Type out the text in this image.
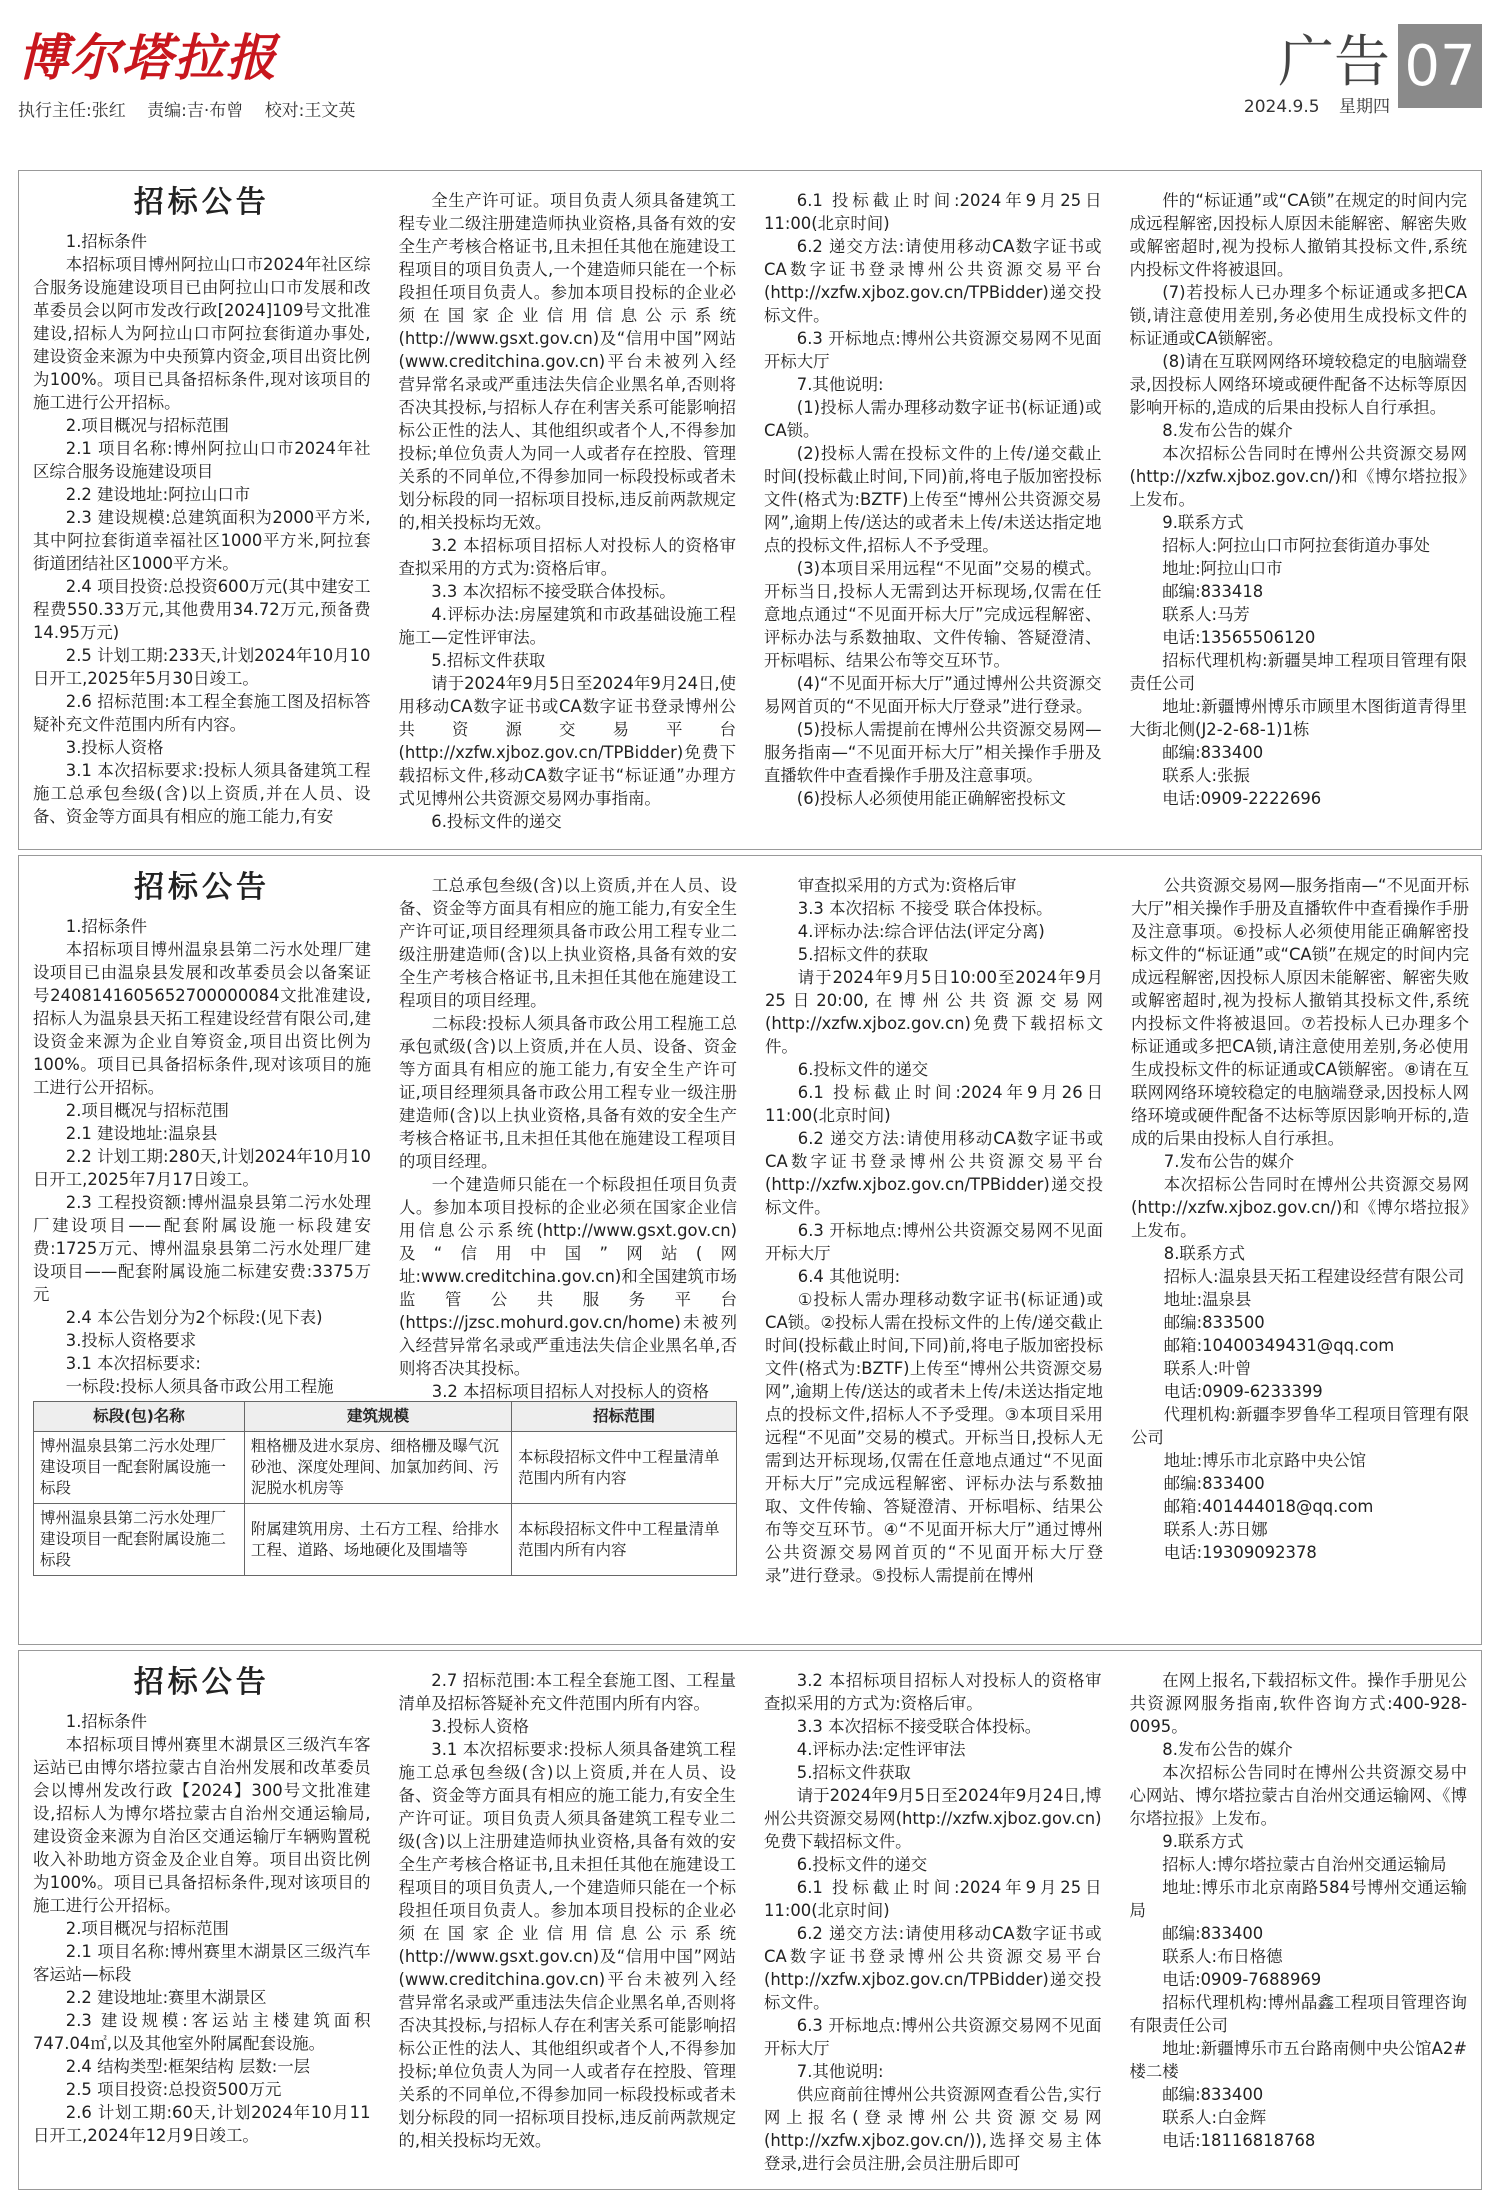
博尔塔拉报
执行主任:张红 责编:吉·布曾 校对:王文英
广告 07
2024.9.5 星期四
招标公告

1.招标条件

本招标项目博州阿拉山口市2024年社区综合服务设施建设项目已由阿拉山口市发展和改革委员会以阿市发改行政[2024]109号文批准建设,招标人为阿拉山口市阿拉套街道办事处,建设资金来源为中央预算内资金,项目出资比例为100%。项目已具备招标条件,现对该项目的施工进行公开招标。

2.项目概况与招标范围

2.1 项目名称:博州阿拉山口市2024年社区综合服务设施建设项目

2.2 建设地址:阿拉山口市

2.3 建设规模:总建筑面积为2000平方米,其中阿拉套街道幸福社区1000平方米,阿拉套街道团结社区1000平方米。

2.4 项目投资:总投资600万元(其中建安工程费550.33万元,其他费用34.72万元,预备费14.95万元)

2.5 计划工期:233天,计划2024年10月10日开工,2025年5月30日竣工。

2.6 招标范围:本工程全套施工图及招标答疑补充文件范围内所有内容。

3.投标人资格

3.1 本次招标要求:投标人须具备建筑工程施工总承包叁级(含)以上资质,并在人员、设备、资金等方面具有相应的施工能力,有安

全生产许可证。项目负责人须具备建筑工程专业二级注册建造师执业资格,具备有效的安全生产考核合格证书,且未担任其他在施建设工程项目的项目负责人,一个建造师只能在一个标段担任项目负责人。参加本项目投标的企业必须在国家企业信用信息公示系统(http://www.gsxt.gov.cn)及“信用中国”网站(www.creditchina.gov.cn)平台未被列入经营异常名录或严重违法失信企业黑名单,否则将否决其投标,与招标人存在利害关系可能影响招标公正性的法人、其他组织或者个人,不得参加投标;单位负责人为同一人或者存在控股、管理关系的不同单位,不得参加同一标段投标或者未划分标段的同一招标项目投标,违反前两款规定的,相关投标均无效。

3.2 本招标项目招标人对投标人的资格审查拟采用的方式为:资格后审。

3.3 本次招标不接受联合体投标。

4.评标办法:房屋建筑和市政基础设施工程施工—定性评审法。

5.招标文件获取

请于2024年9月5日至2024年9月24日,使用移动CA数字证书或CA数字证书登录博州公共资源交易平台(http://xzfw.xjboz.gov.cn/TPBidder)免费下载招标文件,移动CA数字证书“标证通”办理方式见博州公共资源交易网办事指南。

6.投标文件的递交

6.1 投标截止时间:2024年9月25日11:00(北京时间)

6.2 递交方法:请使用移动CA数字证书或CA数字证书登录博州公共资源交易平台(http://xzfw.xjboz.gov.cn/TPBidder)递交投标文件。

6.3 开标地点:博州公共资源交易网不见面开标大厅

7.其他说明:

(1)投标人需办理移动数字证书(标证通)或CA锁。

(2)投标人需在投标文件的上传/递交截止时间(投标截止时间,下同)前,将电子版加密投标文件(格式为:BZTF)上传至“博州公共资源交易网”,逾期上传/送达的或者未上传/未送达指定地点的投标文件,招标人不予受理。

(3)本项目采用远程“不见面”交易的模式。开标当日,投标人无需到达开标现场,仅需在任意地点通过“不见面开标大厅”完成远程解密、评标办法与系数抽取、文件传输、答疑澄清、开标唱标、结果公布等交互环节。

(4)“不见面开标大厅”通过博州公共资源交易网首页的“不见面开标大厅登录”进行登录。

(5)投标人需提前在博州公共资源交易网—服务指南—“不见面开标大厅”相关操作手册及直播软件中查看操作手册及注意事项。

(6)投标人必须使用能正确解密投标文

件的“标证通”或“CA锁”在规定的时间内完成远程解密,因投标人原因未能解密、解密失败或解密超时,视为投标人撤销其投标文件,系统内投标文件将被退回。

(7)若投标人已办理多个标证通或多把CA锁,请注意使用差别,务必使用生成投标文件的标证通或CA锁解密。

(8)请在互联网网络环境较稳定的电脑端登录,因投标人网络环境或硬件配备不达标等原因影响开标的,造成的后果由投标人自行承担。

8.发布公告的媒介

本次招标公告同时在博州公共资源交易网(http://xzfw.xjboz.gov.cn/)和《博尔塔拉报》上发布。

9.联系方式

招标人:阿拉山口市阿拉套街道办事处

地址:阿拉山口市

邮编:833418

联系人:马芳

电话:13565506120

招标代理机构:新疆昊坤工程项目管理有限责任公司

地址:新疆博州博乐市顾里木图街道青得里大街北侧(J2-2-68-1)1栋

邮编:833400

联系人:张振

电话:0909-2222696

招标公告

1.招标条件

本招标项目博州温泉县第二污水处理厂建设项目已由温泉县发展和改革委员会以备案证号2408141605652700000084文批准建设,招标人为温泉县天拓工程建设经营有限公司,建设资金来源为企业自筹资金,项目出资比例为100%。项目已具备招标条件,现对该项目的施工进行公开招标。

2.项目概况与招标范围

2.1 建设地址:温泉县

2.2 计划工期:280天,计划2024年10月10日开工,2025年7月17日竣工。

2.3 工程投资额:博州温泉县第二污水处理厂建设项目——配套附属设施一标段建安费:1725万元、博州温泉县第二污水处理厂建设项目——配套附属设施二标建安费:3375万元

2.4 本公告划分为2个标段:(见下表)

3.投标人资格要求

3.1 本次招标要求:

一标段:投标人须具备市政公用工程施

工总承包叁级(含)以上资质,并在人员、设备、资金等方面具有相应的施工能力,有安全生产许可证,项目经理须具备市政公用工程专业二级注册建造师(含)以上执业资格,具备有效的安全生产考核合格证书,且未担任其他在施建设工程项目的项目经理。

二标段:投标人须具备市政公用工程施工总承包贰级(含)以上资质,并在人员、设备、资金等方面具有相应的施工能力,有安全生产许可证,项目经理须具备市政公用工程专业一级注册建造师(含)以上执业资格,具备有效的安全生产考核合格证书,且未担任其他在施建设工程项目的项目经理。

一个建造师只能在一个标段担任项目负责人。参加本项目投标的企业必须在国家企业信用信息公示系统(http://www.gsxt.gov.cn)及“信用中国”网站(网址:www.creditchina.gov.cn)和全国建筑市场监管公共服务平台(https://jzsc.mohurd.gov.cn/home)未被列入经营异常名录或严重违法失信企业黑名单,否则将否决其投标。

3.2 本招标项目招标人对投标人的资格

审查拟采用的方式为:资格后审

3.3 本次招标 不接受 联合体投标。

4.评标办法:综合评估法(评定分离)

5.招标文件的获取

请于2024年9月5日10:00至2024年9月25日20:00,在博州公共资源交易网(http://xzfw.xjboz.gov.cn)免费下载招标文件。

6.投标文件的递交

6.1 投标截止时间:2024年9月26日11:00(北京时间)

6.2 递交方法:请使用移动CA数字证书或CA数字证书登录博州公共资源交易平台(http://xzfw.xjboz.gov.cn/TPBidder)递交投标文件。

6.3 开标地点:博州公共资源交易网不见面开标大厅

6.4 其他说明:

①投标人需办理移动数字证书(标证通)或CA锁。②投标人需在投标文件的上传/递交截止时间(投标截止时间,下同)前,将电子版加密投标文件(格式为:BZTF)上传至“博州公共资源交易网”,逾期上传/送达的或者未上传/未送达指定地点的投标文件,招标人不予受理。③本项目采用远程“不见面”交易的模式。开标当日,投标人无需到达开标现场,仅需在任意地点通过“不见面开标大厅”完成远程解密、评标办法与系数抽取、文件传输、答疑澄清、开标唱标、结果公布等交互环节。④“不见面开标大厅”通过博州公共资源交易网首页的“不见面开标大厅登录”进行登录。⑤投标人需提前在博州

公共资源交易网—服务指南—“不见面开标大厅”相关操作手册及直播软件中查看操作手册及注意事项。⑥投标人必须使用能正确解密投标文件的“标证通”或“CA锁”在规定的时间内完成远程解密,因投标人原因未能解密、解密失败或解密超时,视为投标人撤销其投标文件,系统内投标文件将被退回。⑦若投标人已办理多个标证通或多把CA锁,请注意使用差别,务必使用生成投标文件的标证通或CA锁解密。⑧请在互联网网络环境较稳定的电脑端登录,因投标人网络环境或硬件配备不达标等原因影响开标的,造成的后果由投标人自行承担。

7.发布公告的媒介

本次招标公告同时在博州公共资源交易网(http://xzfw.xjboz.gov.cn/)和《博尔塔拉报》上发布。

8.联系方式

招标人:温泉县天拓工程建设经营有限公司

地址:温泉县

邮编:833500

邮箱:10400349431@qq.com

联系人:叶曾

电话:0909-6233399

代理机构:新疆李罗鲁华工程项目管理有限公司

地址:博乐市北京路中央公馆

邮编:833400

邮箱:401444018@qq.com

联系人:苏日娜

电话:19309092378

标段(包)名称	建筑规模	招标范围
博州温泉县第二污水处理厂建设项目一配套附属设施一标段	粗格栅及进水泵房、细格栅及曝气沉砂池、深度处理间、加氯加药间、污泥脱水机房等	本标段招标文件中工程量清单范围内所有内容
博州温泉县第二污水处理厂建设项目一配套附属设施二标段	附属建筑用房、土石方工程、给排水工程、道路、场地硬化及围墙等	本标段招标文件中工程量清单范围内所有内容
招标公告

1.招标条件

本招标项目博州赛里木湖景区三级汽车客运站已由博尔塔拉蒙古自治州发展和改革委员会以博州发改行政【2024】300号文批准建设,招标人为博尔塔拉蒙古自治州交通运输局,建设资金来源为自治区交通运输厅车辆购置税收入补助地方资金及企业自筹。项目出资比例为100%。项目已具备招标条件,现对该项目的施工进行公开招标。

2.项目概况与招标范围

2.1 项目名称:博州赛里木湖景区三级汽车客运站—标段

2.2 建设地址:赛里木湖景区

2.3 建设规模:客运站主楼建筑面积747.04㎡,以及其他室外附属配套设施。

2.4 结构类型:框架结构 层数:一层

2.5 项目投资:总投资500万元

2.6 计划工期:60天,计划2024年10月11日开工,2024年12月9日竣工。

2.7 招标范围:本工程全套施工图、工程量清单及招标答疑补充文件范围内所有内容。

3.投标人资格

3.1 本次招标要求:投标人须具备建筑工程施工总承包叁级(含)以上资质,并在人员、设备、资金等方面具有相应的施工能力,有安全生产许可证。项目负责人须具备建筑工程专业二级(含)以上注册建造师执业资格,具备有效的安全生产考核合格证书,且未担任其他在施建设工程项目的项目负责人,一个建造师只能在一个标段担任项目负责人。参加本项目投标的企业必须在国家企业信用信息公示系统(http://www.gsxt.gov.cn)及“信用中国”网站(www.creditchina.gov.cn)平台未被列入经营异常名录或严重违法失信企业黑名单,否则将否决其投标,与招标人存在利害关系可能影响招标公正性的法人、其他组织或者个人,不得参加投标;单位负责人为同一人或者存在控股、管理关系的不同单位,不得参加同一标段投标或者未划分标段的同一招标项目投标,违反前两款规定的,相关投标均无效。

3.2 本招标项目招标人对投标人的资格审查拟采用的方式为:资格后审。

3.3 本次招标不接受联合体投标。

4.评标办法:定性评审法

5.招标文件获取

请于2024年9月5日至2024年9月24日,博州公共资源交易网(http://xzfw.xjboz.gov.cn)免费下载招标文件。

6.投标文件的递交

6.1 投标截止时间:2024年9月25日11:00(北京时间)

6.2 递交方法:请使用移动CA数字证书或CA数字证书登录博州公共资源交易平台(http://xzfw.xjboz.gov.cn/TPBidder)递交投标文件。

6.3 开标地点:博州公共资源交易网不见面开标大厅

7.其他说明:

供应商前往博州公共资源网查看公告,实行网上报名(登录博州公共资源交易网(http://xzfw.xjboz.gov.cn/)),选择交易主体登录,进行会员注册,会员注册后即可

在网上报名,下载招标文件。操作手册见公共资源网服务指南,软件咨询方式:400-928-0095。

8.发布公告的媒介

本次招标公告同时在博州公共资源交易中心网站、博尔塔拉蒙古自治州交通运输网、《博尔塔拉报》上发布。

9.联系方式

招标人:博尔塔拉蒙古自治州交通运输局

地址:博乐市北京南路584号博州交通运输局

邮编:833400

联系人:布日格德

电话:0909-7688969

招标代理机构:博州晶鑫工程项目管理咨询有限责任公司

地址:新疆博乐市五台路南侧中央公馆A2#楼二楼

邮编:833400

联系人:白金辉

电话:18116818768
